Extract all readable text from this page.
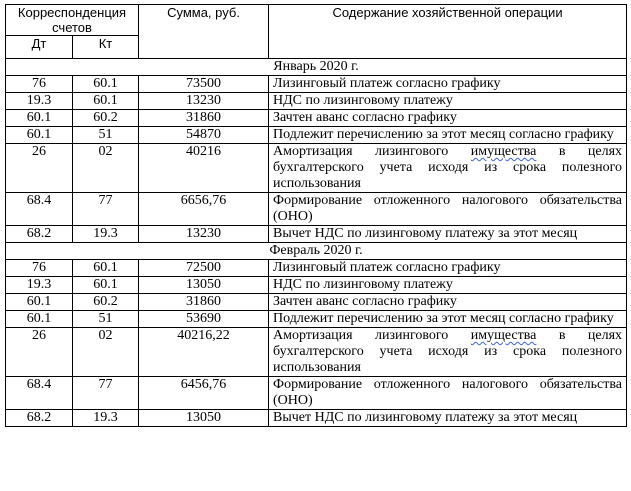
Корреспонденция счетов		Сумма, руб.	Содержание хозяйственной операции
Дт	Кт		
Январь 2020 г.			
76	60.1	73500	Лизинговый платеж согласно графику
19.3	60.1	13230	НДС по лизинговому платежу
60.1	60.2	31860	Зачтен аванс согласно графику
60.1	51	54870	Подлежит перечислению за этот месяц согласно графику
26	02	40216	Амортизация лизингового имущества в целях бухгалтерского учета исходя из срока полезного использования
68.4	77	6656,76	Формирование отложенного налогового обязательства (ОНО)
68.2	19.3	13230	Вычет НДС по лизинговому платежу за этот месяц
Февраль 2020 г.			
76	60.1	72500	Лизинговый платеж согласно графику
19.3	60.1	13050	НДС по лизинговому платежу
60.1	60.2	31860	Зачтен аванс согласно графику
60.1	51	53690	Подлежит перечислению за этот месяц согласно графику
26	02	40216,22	Амортизация лизингового имущества в целях бухгалтерского учета исходя из срока полезного использования
68.4	77	6456,76	Формирование отложенного налогового обязательства (ОНО)
68.2	19.3	13050	Вычет НДС по лизинговому платежу за этот месяц
